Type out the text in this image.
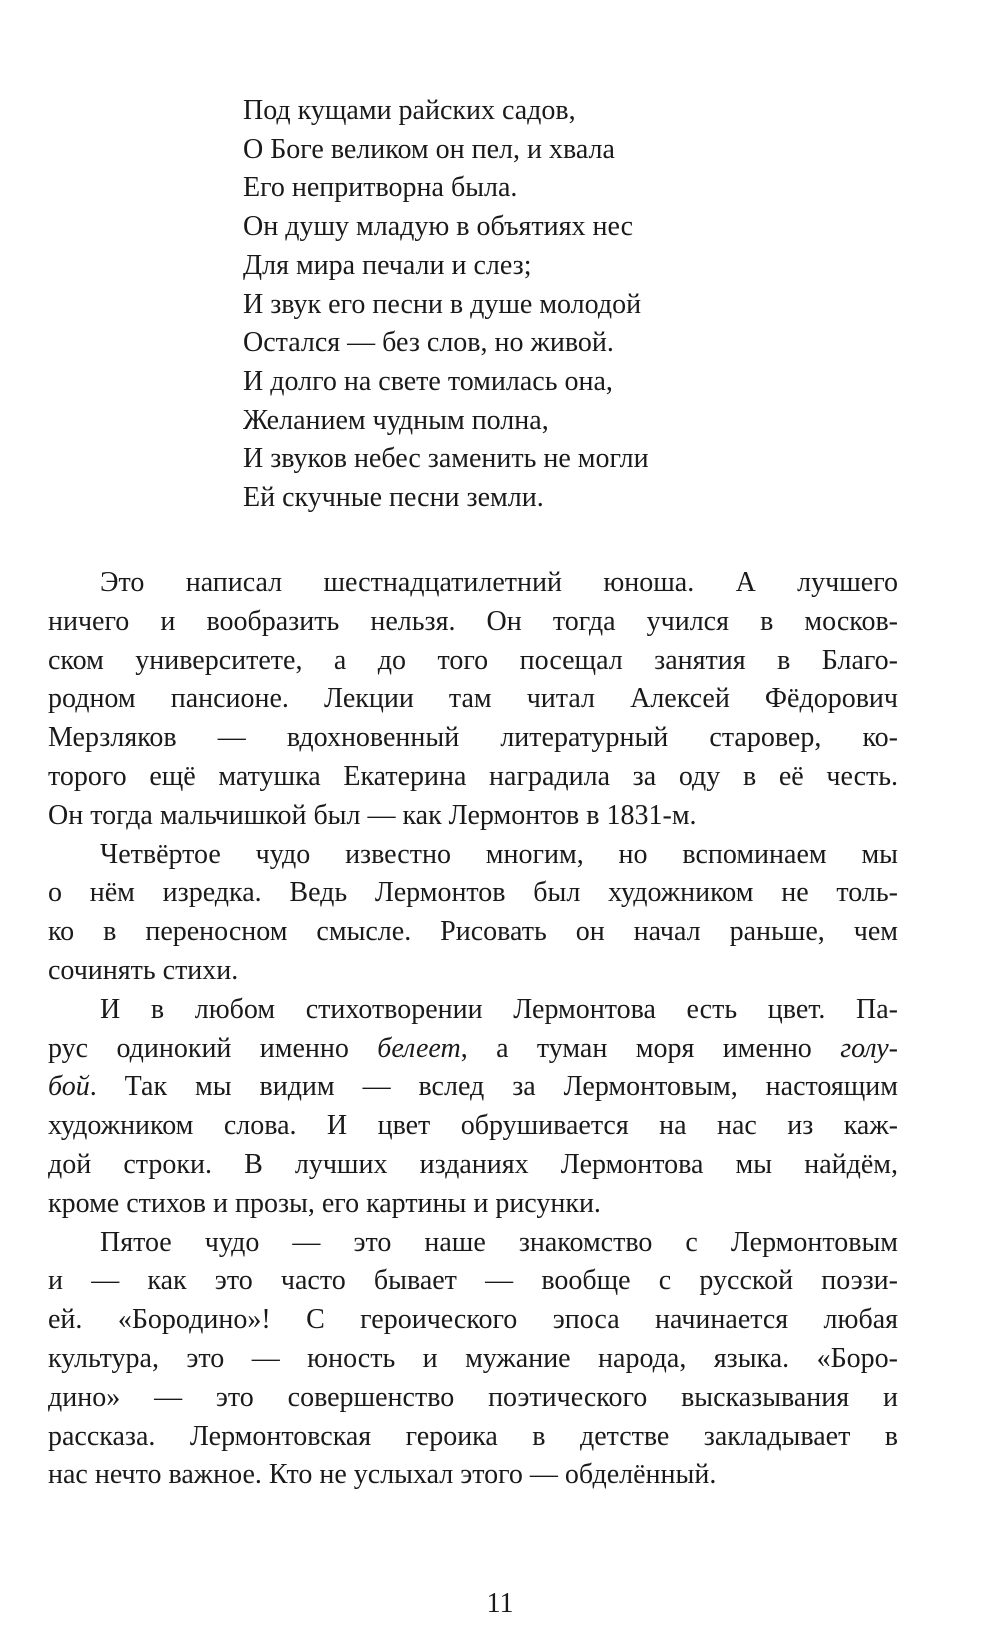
Под кущами райских садов,
О Боге великом он пел, и хвала
Его непритворна была.
Он душу младую в объятиях нес
Для мира печали и слез;
И звук его песни в душе молодой
Остался — без слов, но живой.
И долго на свете томилась она,
Желанием чудным полна,
И звуков небес заменить не могли
Ей скучные песни земли.
Это написал шестнадцатилетний юноша. А лучшего
ничего и вообразить нельзя. Он тогда учился в москов-
ском университете, а до того посещал занятия в Благо-
родном пансионе. Лекции там читал Алексей Фёдорович
Мерзляков — вдохновенный литературный старовер, ко-
торого ещё матушка Екатерина наградила за оду в её честь.
Он тогда мальчишкой был — как Лермонтов в 1831-м.
Четвёртое чудо известно многим, но вспоминаем мы
о нём изредка. Ведь Лермонтов был художником не толь-
ко в переносном смысле. Рисовать он начал раньше, чем
сочинять стихи.
И в любом стихотворении Лермонтова есть цвет. Па-
рус одинокий именно белеет, а туман моря именно голу-
бой. Так мы видим — вслед за Лермонтовым, настоящим
художником слова. И цвет обрушивается на нас из каж-
дой строки. В лучших изданиях Лермонтова мы найдём,
кроме стихов и прозы, его картины и рисунки.
Пятое чудо — это наше знакомство с Лермонтовым
и — как это часто бывает — вообще с русской поэзи-
ей. «Бородино»! С героического эпоса начинается любая
культура, это — юность и мужание народа, языка. «Боро-
дино» — это совершенство поэтического высказывания и
рассказа. Лермонтовская героика в детстве закладывает в
нас нечто важное. Кто не услыхал этого — обделённый.
11
